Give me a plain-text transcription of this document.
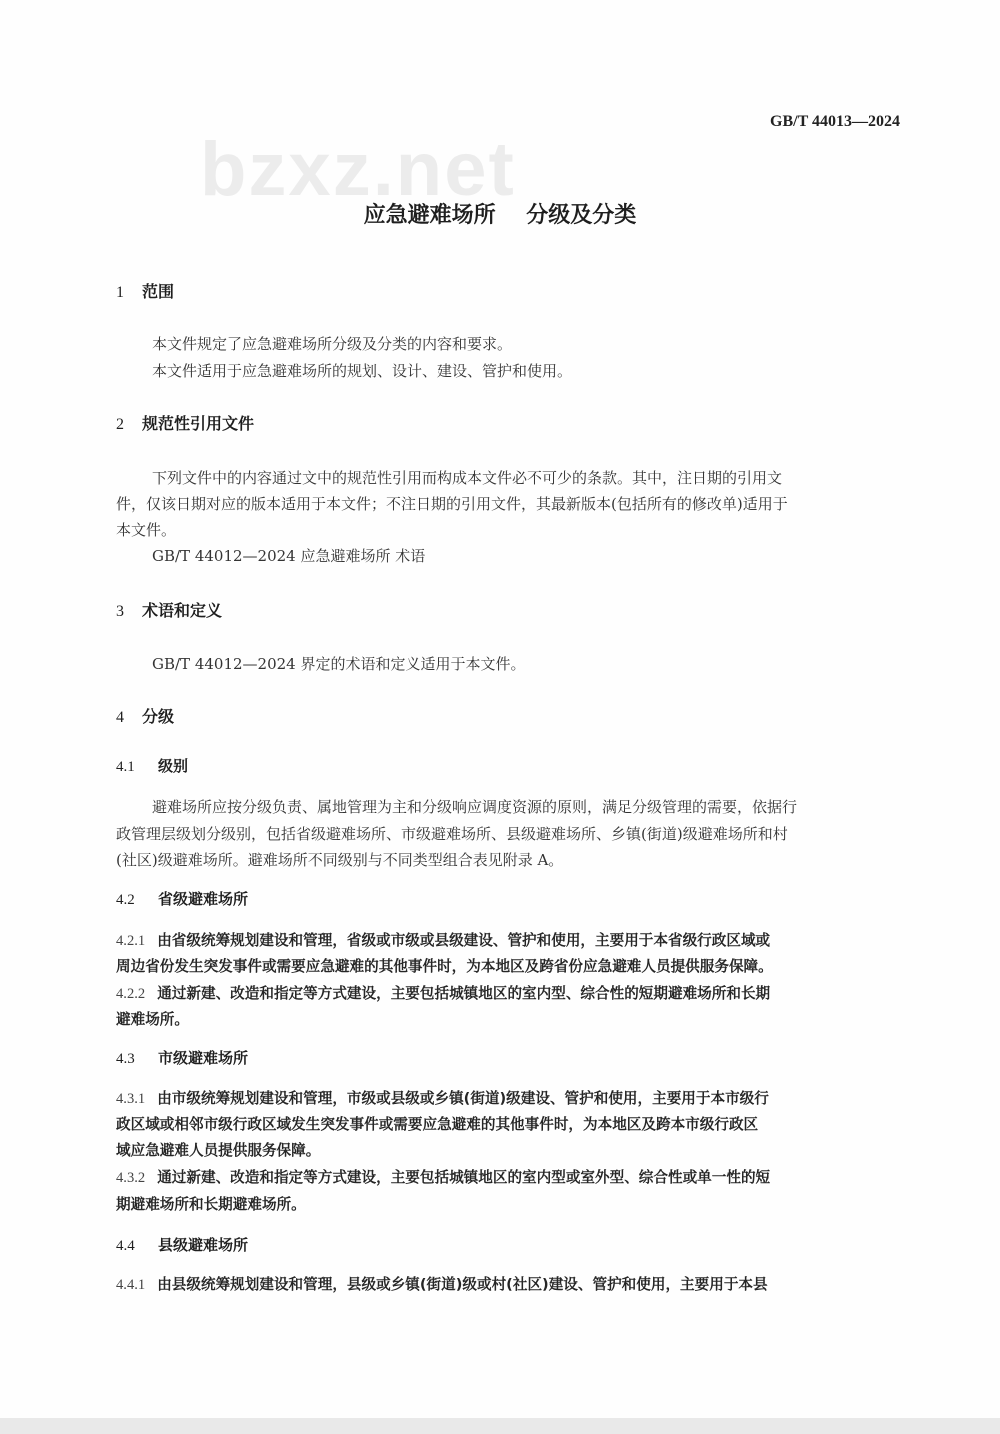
GB/T 44013—2024
bzxz.net
应急避难场所    分级及分类
1 范围
本文件规定了应急避难场所分级及分类的内容和要求。
本文件适用于应急避难场所的规划、设计、建设、管护和使用。
2 规范性引用文件
下列文件中的内容通过文中的规范性引用而构成本文件必不可少的条款。其中，注日期的引用文
件，仅该日期对应的版本适用于本文件；不注日期的引用文件，其最新版本(包括所有的修改单)适用于
本文件。
GB/T 44012—2024 应急避难场所 术语
3 术语和定义
GB/T 44012—2024 界定的术语和定义适用于本文件。
4 分级
4.1 级别
避难场所应按分级负责、属地管理为主和分级响应调度资源的原则，满足分级管理的需要，依据行
政管理层级划分级别，包括省级避难场所、市级避难场所、县级避难场所、乡镇(街道)级避难场所和村
(社区)级避难场所。避难场所不同级别与不同类型组合表见附录 A。
4.2 省级避难场所
4.2.1 由省级统筹规划建设和管理，省级或市级或县级建设、管护和使用，主要用于本省级行政区域或
周边省份发生突发事件或需要应急避难的其他事件时，为本地区及跨省份应急避难人员提供服务保障。
4.2.2 通过新建、改造和指定等方式建设，主要包括城镇地区的室内型、综合性的短期避难场所和长期
避难场所。
4.3 市级避难场所
4.3.1 由市级统筹规划建设和管理，市级或县级或乡镇(街道)级建设、管护和使用，主要用于本市级行
政区域或相邻市级行政区域发生突发事件或需要应急避难的其他事件时，为本地区及跨本市级行政区
域应急避难人员提供服务保障。
4.3.2 通过新建、改造和指定等方式建设，主要包括城镇地区的室内型或室外型、综合性或单一性的短
期避难场所和长期避难场所。
4.4 县级避难场所
4.4.1 由县级统筹规划建设和管理，县级或乡镇(街道)级或村(社区)建设、管护和使用，主要用于本县
